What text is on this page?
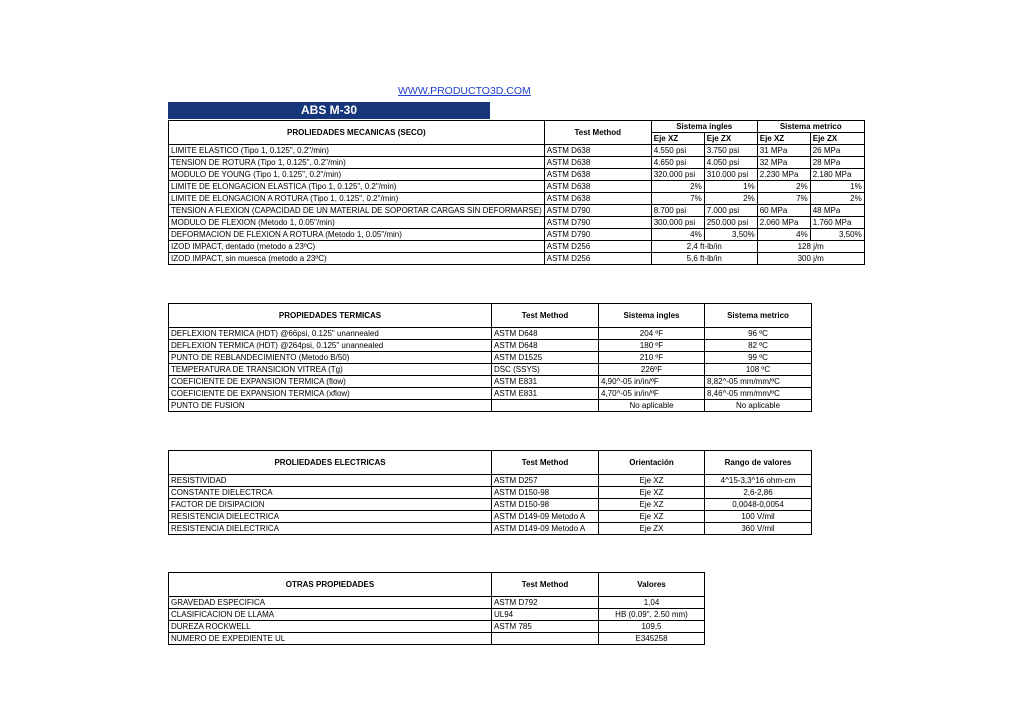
WWW.PRODUCTO3D.COM
ABS M-30
PROLIEDADES MECANICAS (SECO)	Test Method	Sistema ingles		Sistema metrico	
		Eje XZ	Eje ZX	Eje XZ	Eje ZX
LIMITE ELASTICO (Tipo 1, 0.125", 0.2"/min)	ASTM D638	4.550 psi	3.750 psi	31 MPa	26 MPa
TENSION DE ROTURA (Tipo 1, 0.125", 0.2"/min)	ASTM D638	4.650 psi	4.050 psi	32 MPa	28 MPa
MODULO DE YOUNG (Tipo 1, 0.125", 0.2"/min)	ASTM D638	320.000 psi	310.000 psi	2.230 MPa	2.180 MPa
LIMITE DE ELONGACION ELASTICA (Tipo 1, 0.125", 0.2"/min)	ASTM D638	2%	1%	2%	1%
LIMITE DE ELONGACION A ROTURA (Tipo 1, 0.125", 0.2"/min)	ASTM D638	7%	2%	7%	2%
TENSION A FLEXION (CAPACIDAD DE UN MATERIAL DE SOPORTAR CARGAS SIN DEFORMARSE)	ASTM D790	8.700 psi	7.000 psi	60 MPa	48 MPa
MODULO DE FLEXION (Metodo 1, 0.05"/min)	ASTM D790	300.000 psi	250.000 psi	2.060 MPa	1.760 MPa
DEFORMACION DE FLEXION A ROTURA (Metodo 1, 0.05"/min)	ASTM D790	4%	3,50%	4%	3,50%
IZOD IMPACT, dentado (metodo a 23ºC)	ASTM D256	2,4 ft-lb/in		128 j/m	
IZOD IMPACT, sin muesca (metodo a 23ºC)	ASTM D256	5,6 ft-lb/in		300 j/m	
PROPIEDADES TERMICAS	Test Method	Sistema ingles	Sistema metrico
DEFLEXION TERMICA (HDT) @66psi, 0.125" unannealed	ASTM D648	204 ºF	96 ºC
DEFLEXION TERMICA (HDT) @264psi, 0.125" unannealed	ASTM D648	180 ºF	82 ºC
PUNTO DE REBLANDECIMIENTO (Metodo B/50)	ASTM D1525	210 ºF	99 ºC
TEMPERATURA DE TRANSICION VITREA (Tg)	DSC (SSYS)	226ºF	108 ºC
COEFICIENTE DE EXPANSION TERMICA (flow)	ASTM E831	4,90^-05 in/in/ºF	8,82^-05 mm/mm/ºC
COEFICIENTE DE EXPANSION TERMICA (xflow)	ASTM E831	4,70^-05 in/in/ºF	8,46^-05 mm/mm/ºC
PUNTO DE FUSION		No aplicable	No aplicable
PROLIEDADES ELECTRICAS	Test Method	Orientación	Rango de valores
RESISTIVIDAD	ASTM D257	Eje XZ	4^15-3,3^16 ohm-cm
CONSTANTE DIELECTRCA	ASTM D150-98	Eje XZ	2,6-2,86
FACTOR DE DISIPACION	ASTM D150-98	Eje XZ	0,0048-0,0054
RESISTENCIA DIELECTRICA	ASTM D149-09 Metodo A	Eje XZ	100 V/mil
RESISTENCIA DIELECTRICA	ASTM D149-09 Metodo A	Eje ZX	360 V/mil
OTRAS PROPIEDADES	Test Method	Valores
GRAVEDAD ESPECIFICA	ASTM D792	1,04
CLASIFICACION DE LLAMA	UL94	HB (0.09", 2.50 mm)
DUREZA ROCKWELL	ASTM 785	109,5
NUMERO DE EXPEDIENTE UL		E345258
